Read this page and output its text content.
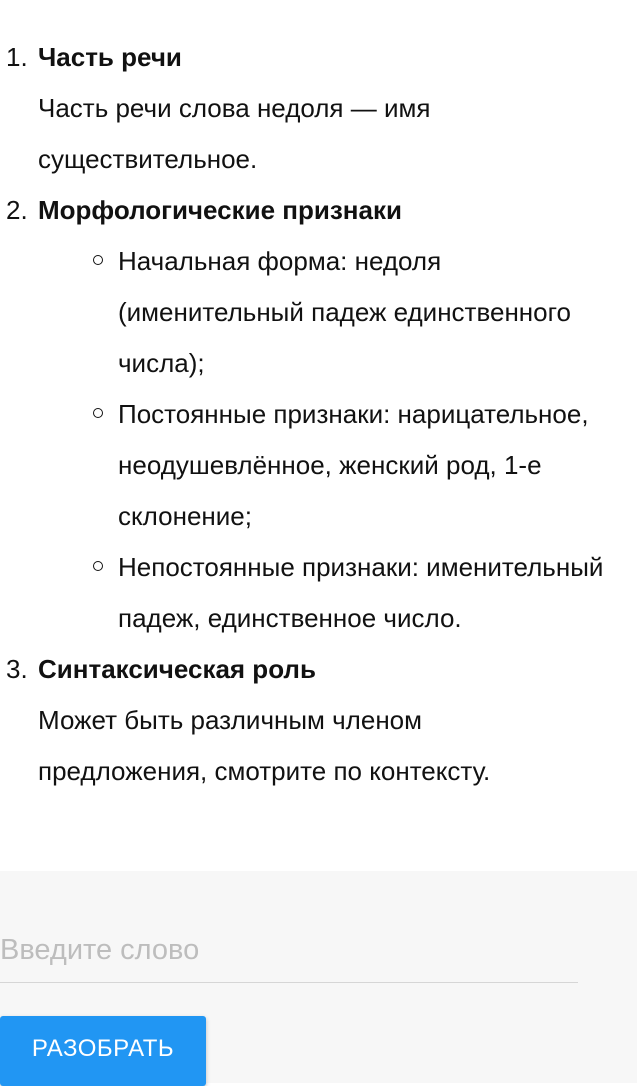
1. Часть речи
Часть речи слова недоля — имя существительное.
2. Морфологические признаки
Начальная форма: недоля (именительный падеж единственного числа);
Постоянные признаки: нарицательное, неодушевлённое, женский род, 1-е склонение;
Непостоянные признаки: именительный падеж, единственное число.
3. Синтаксическая роль
Может быть различным членом предложения, смотрите по контексту.
Введите слово
РАЗОБРАТЬ
